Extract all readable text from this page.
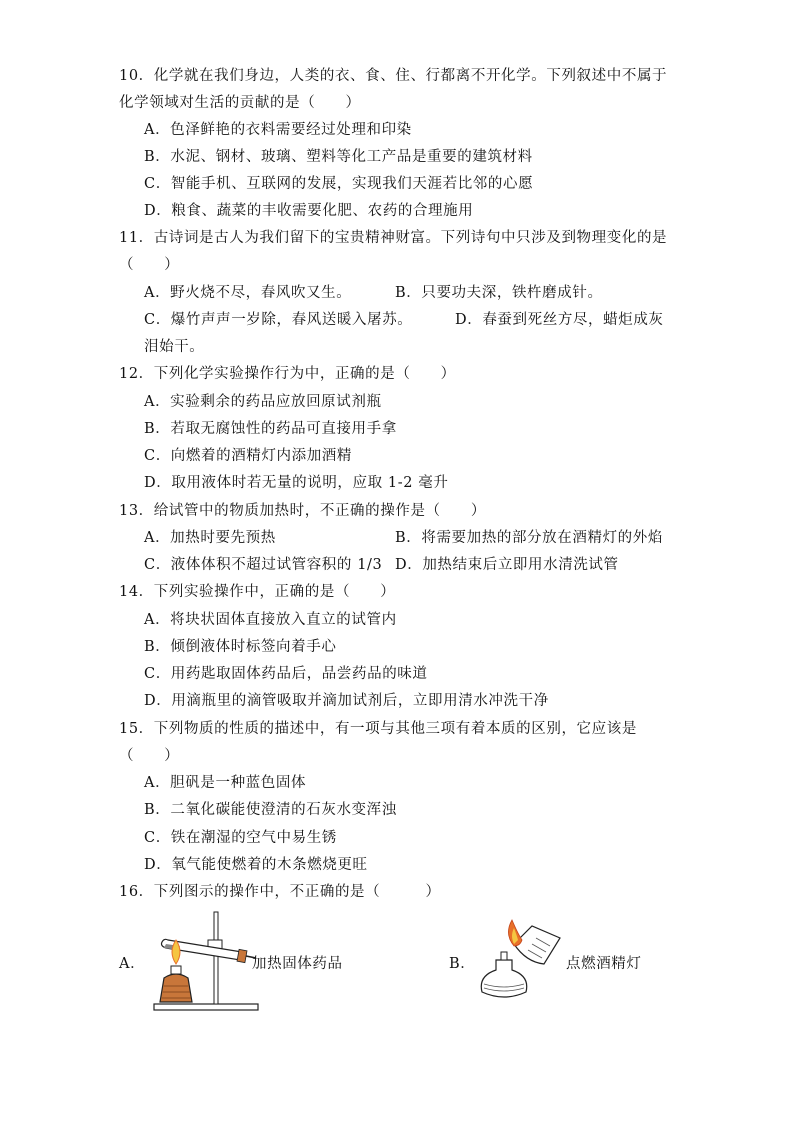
10．化学就在我们身边，人类的衣、食、住、行都离不开化学。下列叙述中不属于
化学领域对生活的贡献的是（　　）
A．色泽鲜艳的衣料需要经过处理和印染
B．水泥、钢材、玻璃、塑料等化工产品是重要的建筑材料
C．智能手机、互联网的发展，实现我们天涯若比邻的心愿
D．粮食、蔬菜的丰收需要化肥、农药的合理施用
11．古诗词是古人为我们留下的宝贵精神财富。下列诗句中只涉及到物理变化的是
（　　）
A．野火烧不尽，春风吹又生。	B．只要功夫深，铁杵磨成针。
C．爆竹声声一岁除，春风送暖入屠苏。	D．春蚕到死丝方尽，蜡炬成灰
泪始干。
12．下列化学实验操作行为中，正确的是（　　）
A．实验剩余的药品应放回原试剂瓶
B．若取无腐蚀性的药品可直接用手拿
C．向燃着的酒精灯内添加酒精
D．取用液体时若无量的说明，应取 1-2 毫升
13．给试管中的物质加热时，不正确的操作是（　　）
A．加热时要先预热	B．将需要加热的部分放在酒精灯的外焰
C．液体体积不超过试管容积的 1/3 D．加热结束后立即用水清洗试管
14．下列实验操作中，正确的是（　　）
A．将块状固体直接放入直立的试管内
B．倾倒液体时标签向着手心
C．用药匙取固体药品后，品尝药品的味道
D．用滴瓶里的滴管吸取并滴加试剂后，立即用清水冲洗干净
15．下列物质的性质的描述中，有一项与其他三项有着本质的区别，它应该是
（　　）
A．胆矾是一种蓝色固体
B．二氧化碳能使澄清的石灰水变浑浊
C．铁在潮湿的空气中易生锈
D．氧气能使燃着的木条燃烧更旺
16．下列图示的操作中，不正确的是（　　　）
A．	加热固体药品	B．	点燃酒精灯
